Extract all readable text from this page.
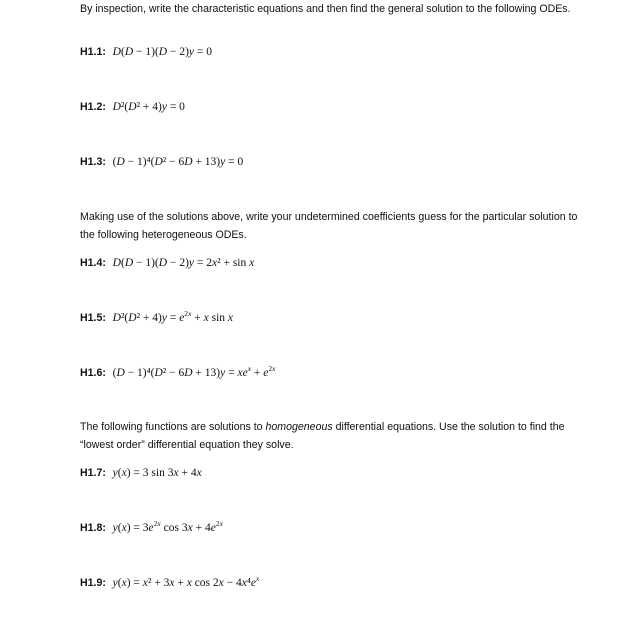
By inspection, write the characteristic equations and then find the general solution to the following ODEs.
H1.1: D(D − 1)(D − 2)y = 0
H1.2: D²(D² + 4)y = 0
H1.3: (D − 1)⁴(D² − 6D + 13)y = 0
Making use of the solutions above, write your undetermined coefficients guess for the particular solution to the following heterogeneous ODEs.
H1.4: D(D − 1)(D − 2)y = 2x² + sin x
H1.5: $D^2(D^2 + 4)y = e^{2x} + x$ sin x
H1.6: $(D - 1)^4(D^2 - 6D + 13)y = xe^x + e^{2x}$
The following functions are solutions to homogeneous differential equations. Use the solution to find the “lowest order” differential equation they solve.
H1.7: y(x) = 3 sin 3x + 4x
H1.8: $y(x) = 3e^{2x}$ $\cos 3x + 4e^{2x}$
H1.9: y(x) = x² + 3x + x $\cos 2x - 4x^4e^x$
